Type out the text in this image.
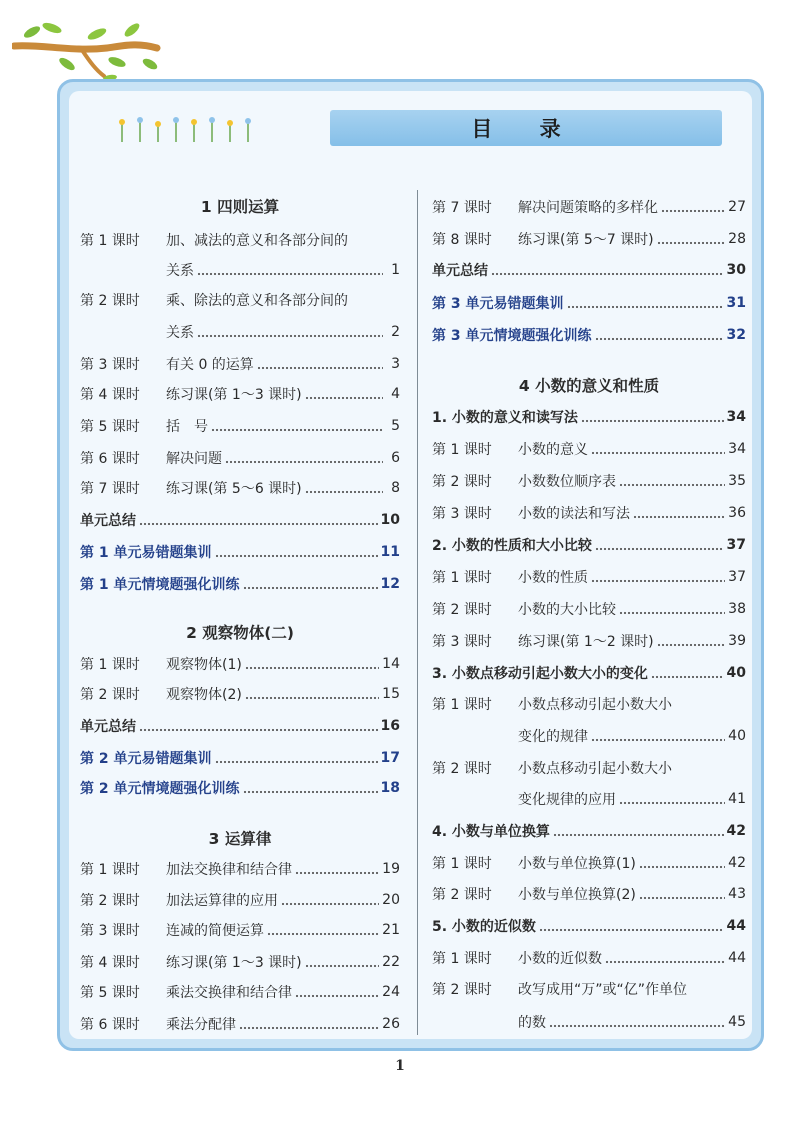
目 录
1 四则运算
第 1 课时	加、减法的意义和各部分间的
关系	1
第 2 课时	乘、除法的意义和各部分间的
关系	2
第 3 课时	有关 0 的运算	3
第 4 课时	练习课(第 1～3 课时)	4
第 5 课时	括　号	5
第 6 课时	解决问题	6
第 7 课时	练习课(第 5～6 课时)	8
单元总结	10
第 1 单元易错题集训	11
第 1 单元情境题强化训练	12
2 观察物体(二)
第 1 课时	观察物体(1)	14
第 2 课时	观察物体(2)	15
单元总结	16
第 2 单元易错题集训	17
第 2 单元情境题强化训练	18
3 运算律
第 1 课时	加法交换律和结合律	19
第 2 课时	加法运算律的应用	20
第 3 课时	连减的简便运算	21
第 4 课时	练习课(第 1～3 课时)	22
第 5 课时	乘法交换律和结合律	24
第 6 课时	乘法分配律	26
第 7 课时	解决问题策略的多样化	27
第 8 课时	练习课(第 5～7 课时)	28
单元总结	30
第 3 单元易错题集训	31
第 3 单元情境题强化训练	32
4 小数的意义和性质
1. 小数的意义和读写法	34
第 1 课时	小数的意义	34
第 2 课时	小数数位顺序表	35
第 3 课时	小数的读法和写法	36
2. 小数的性质和大小比较	37
第 1 课时	小数的性质	37
第 2 课时	小数的大小比较	38
第 3 课时	练习课(第 1～2 课时)	39
3. 小数点移动引起小数大小的变化	40
第 1 课时	小数点移动引起小数大小
变化的规律	40
第 2 课时	小数点移动引起小数大小
变化规律的应用	41
4. 小数与单位换算	42
第 1 课时	小数与单位换算(1)	42
第 2 课时	小数与单位换算(2)	43
5. 小数的近似数	44
第 1 课时	小数的近似数	44
第 2 课时	改写成用“万”或“亿”作单位
的数	45
1
